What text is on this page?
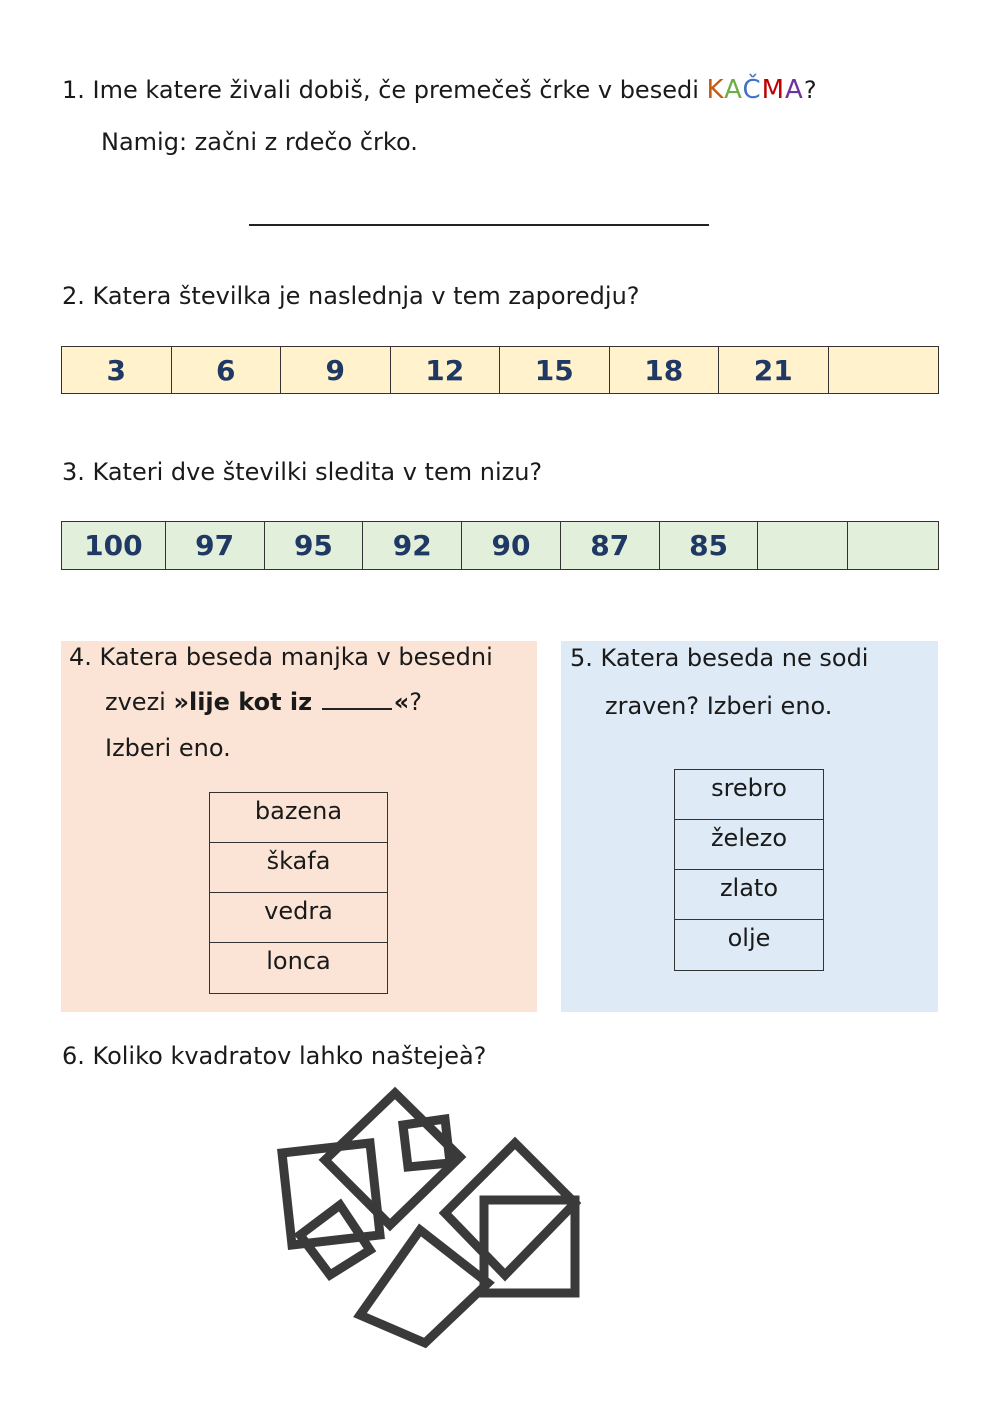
1. Ime katere živali dobiš, če premečeš črke v besedi KAČMA?
Namig: začni z rdečo črko.
2. Katera številka je naslednja v tem zaporedju?
3	6	9	12	15	18	21
3. Kateri dve številki sledita v tem nizu?
100	97	95	92	90	87	85
4. Katera beseda manjka v besedni
zvezi »lije kot iz	«?
Izberi eno.
bazena
škafa
vedra
lonca
5. Katera beseda ne sodi
zraven? Izberi eno.
srebro
železo
zlato
olje
6. Koliko kvadratov lahko naštejeà?
